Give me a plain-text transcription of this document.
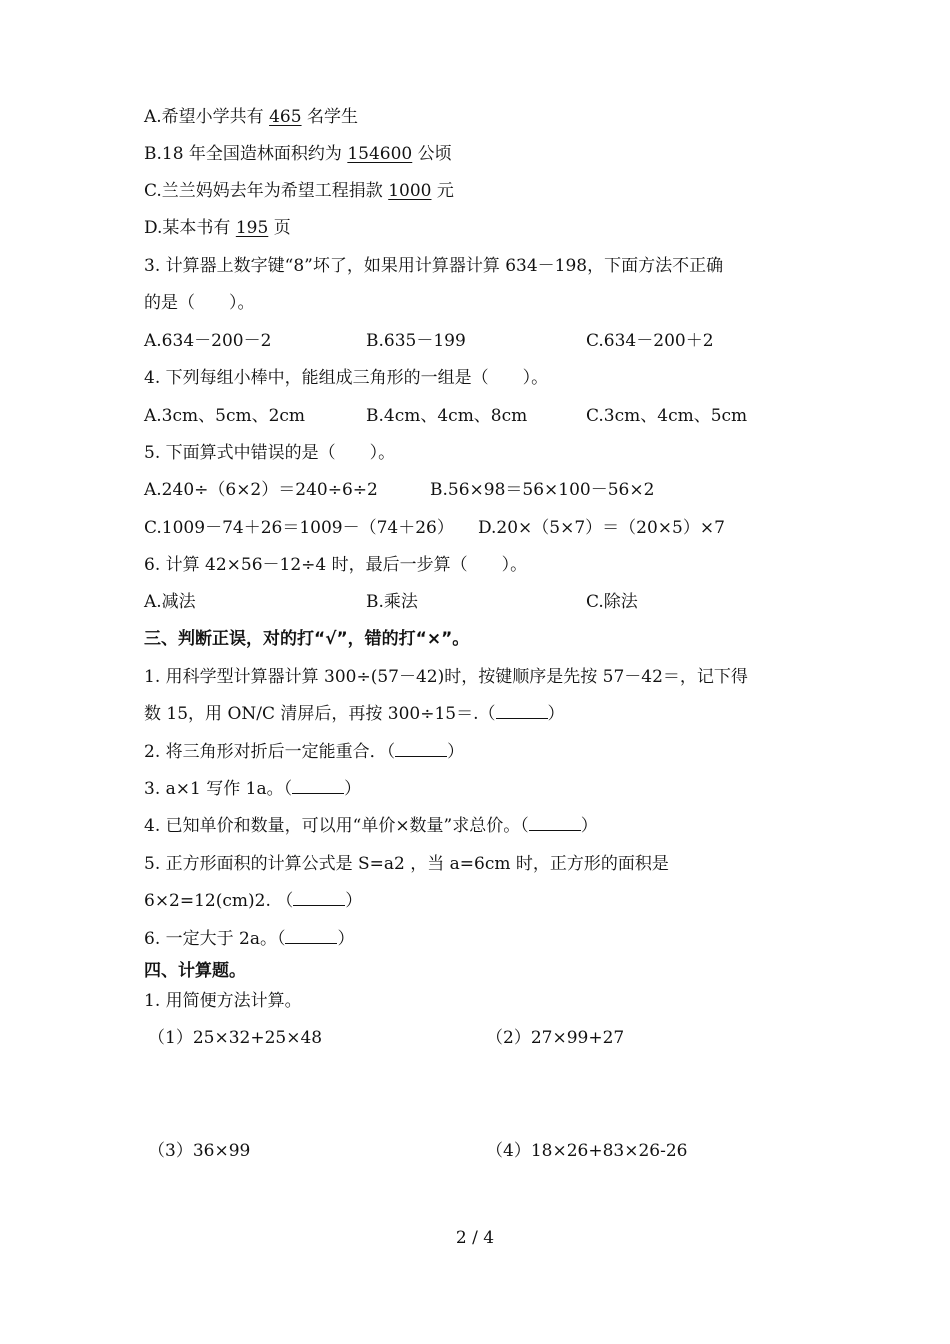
A.希望小学共有 465 名学生
B.18 年全国造林面积约为 154600 公顷
C.兰兰妈妈去年为希望工程捐款 1000 元
D.某本书有 195 页
3. 计算器上数字键“8”坏了，如果用计算器计算 634－198，下面方法不正确
的是（　　）。
A.634－200－2	B.635－199	C.634－200＋2
4. 下列每组小棒中，能组成三角形的一组是（　　）。
A.3cm、5cm、2cm	B.4cm、4cm、8cm	C.3cm、4cm、5cm
5. 下面算式中错误的是（　　）。
A.240÷（6×2）＝240÷6÷2	B.56×98＝56×100－56×2
C.1009－74＋26＝1009－（74＋26） D.20×（5×7）＝（20×5）×7
6. 计算 42×56－12÷4 时，最后一步算（　　）。
A.减法	B.乘法	C.除法
三、判断正误，对的打“√”，错的打“×”。
1. 用科学型计算器计算 300÷(57－42)时，按键顺序是先按 57－42＝，记下得
数 15，用 ON/C 清屏后，再按 300÷15＝.（	）
2. 将三角形对折后一定能重合．（	）
3. a×1 写作 1a。（	）
4. 已知单价和数量，可以用“单价×数量”求总价。（	）
5. 正方形面积的计算公式是 S=a2 ，当 a=6cm 时，正方形的面积是
6×2=12(cm)2. （	）
6. 一定大于 2a。（	）
四、计算题。
1. 用简便方法计算。
（1）25×32+25×48	（2）27×99+27
（3）36×99	（4）18×26+83×26-26
2 / 4
